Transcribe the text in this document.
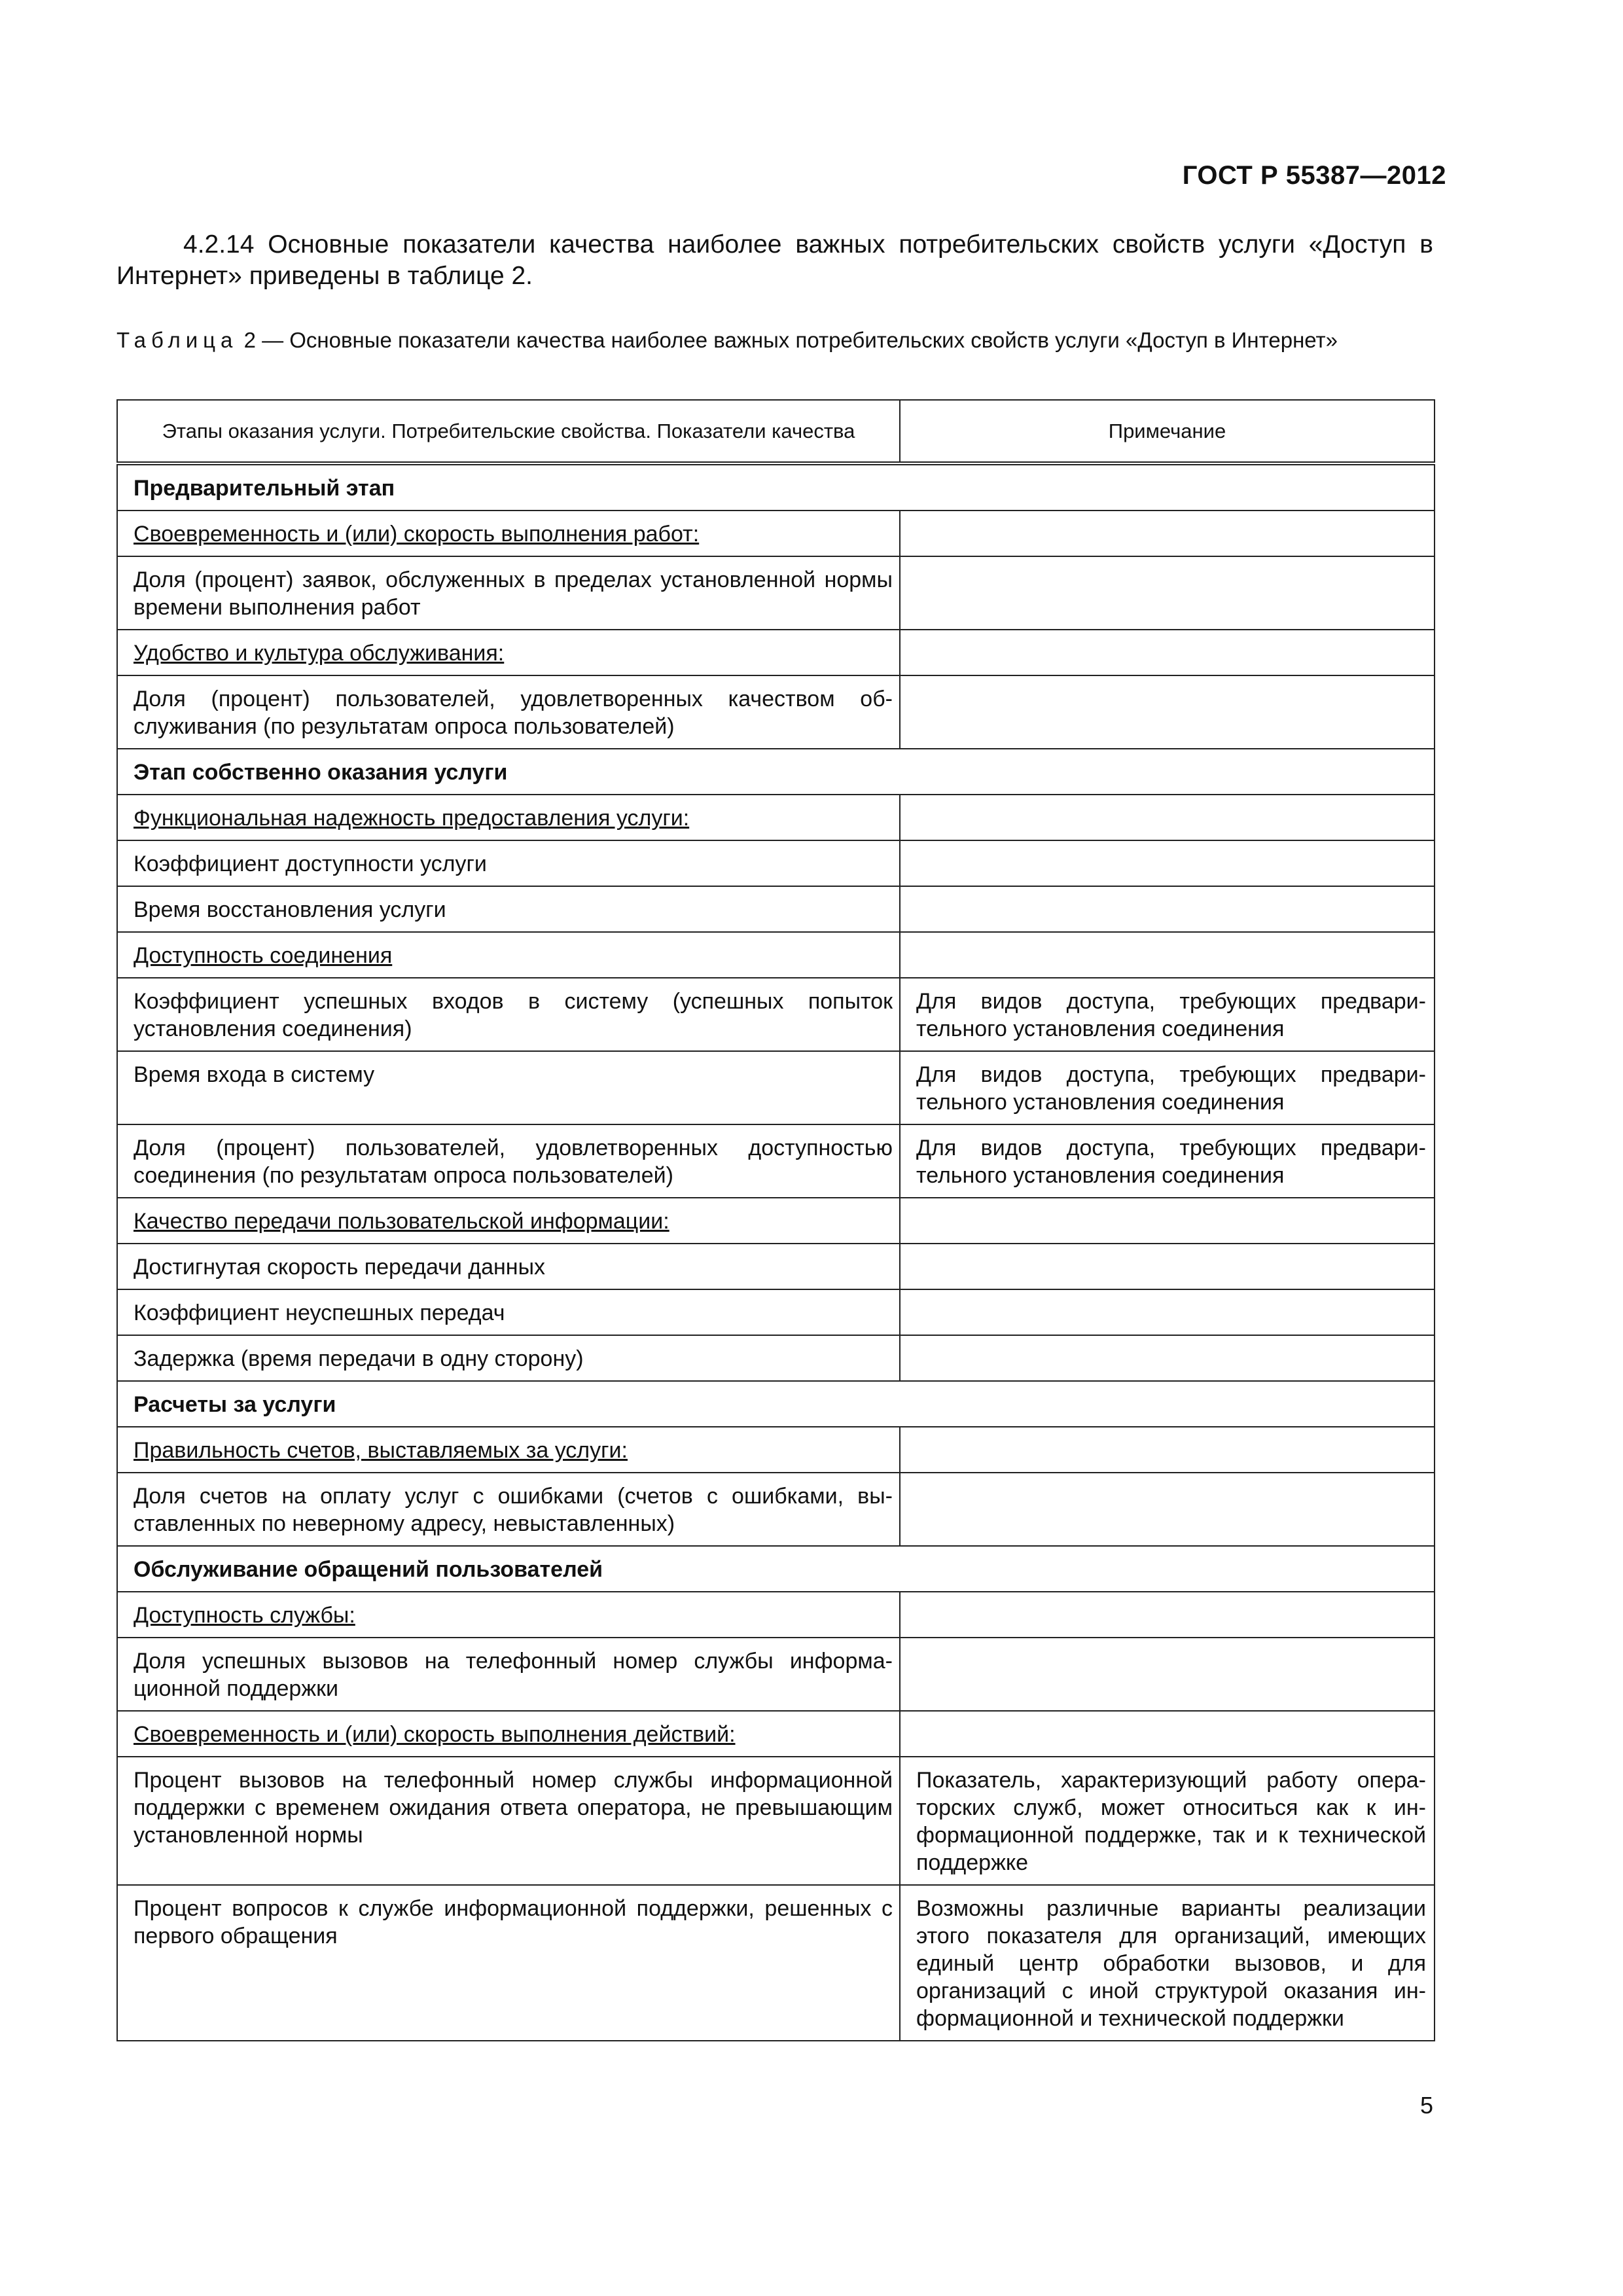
ГОСТ Р 55387—2012

4.2.14 Основные показатели качества наиболее важных потребительских свойств услуги «Доступ в Интернет» приведены в таблице 2.

Таблица 2 — Основные показатели качества наиболее важных потребительских свойств услуги «Доступ в Интернет»

Этапы оказания услуги. Потребительские свойства. Показатели качества	Примечание
Предварительный этап	
Своевременность и (или) скорость выполнения работ:	
Доля (процент) заявок, обслуженных в пределах установленной нормы времени выполнения работ	
Удобство и культура обслуживания:	
Доля (процент) пользователей, удовлетворенных качеством обслуживания (по результатам опроса пользователей)	
Этап собственно оказания услуги	
Функциональная надежность предоставления услуги:	
Коэффициент доступности услуги	
Время восстановления услуги	
Доступность соединения	
Коэффициент успешных входов в систему (успешных попыток установления соединения)	Для видов доступа, требующих предварительного установления соединения
Время входа в систему	Для видов доступа, требующих предварительного установления соединения
Доля (процент) пользователей, удовлетворенных доступностью соединения (по результатам опроса пользователей)	Для видов доступа, требующих предварительного установления соединения
Качество передачи пользовательской информации:	
Достигнутая скорость передачи данных	
Коэффициент неуспешных передач	
Задержка (время передачи в одну сторону)	
Расчеты за услуги	
Правильность счетов, выставляемых за услуги:	
Доля счетов на оплату услуг с ошибками (счетов с ошибками, выставленных по неверному адресу, невыставленных)	
Обслуживание обращений пользователей	
Доступность службы:	
Доля успешных вызовов на телефонный номер службы информационной поддержки	
Своевременность и (или) скорость выполнения действий:	
Процент вызовов на телефонный номер службы информационной поддержки с временем ожидания ответа оператора, не превышающим установленной нормы	Показатель, характеризующий работу операторских служб, может относиться как к информационной поддержке, так и к технической поддержке
Процент вопросов к службе информационной поддержки, решенных с первого обращения	Возможны различные варианты реализации этого показателя для организаций, имеющих единый центр обработки вызовов, и для организаций с иной структурой оказания информационной и технической поддержки
5
